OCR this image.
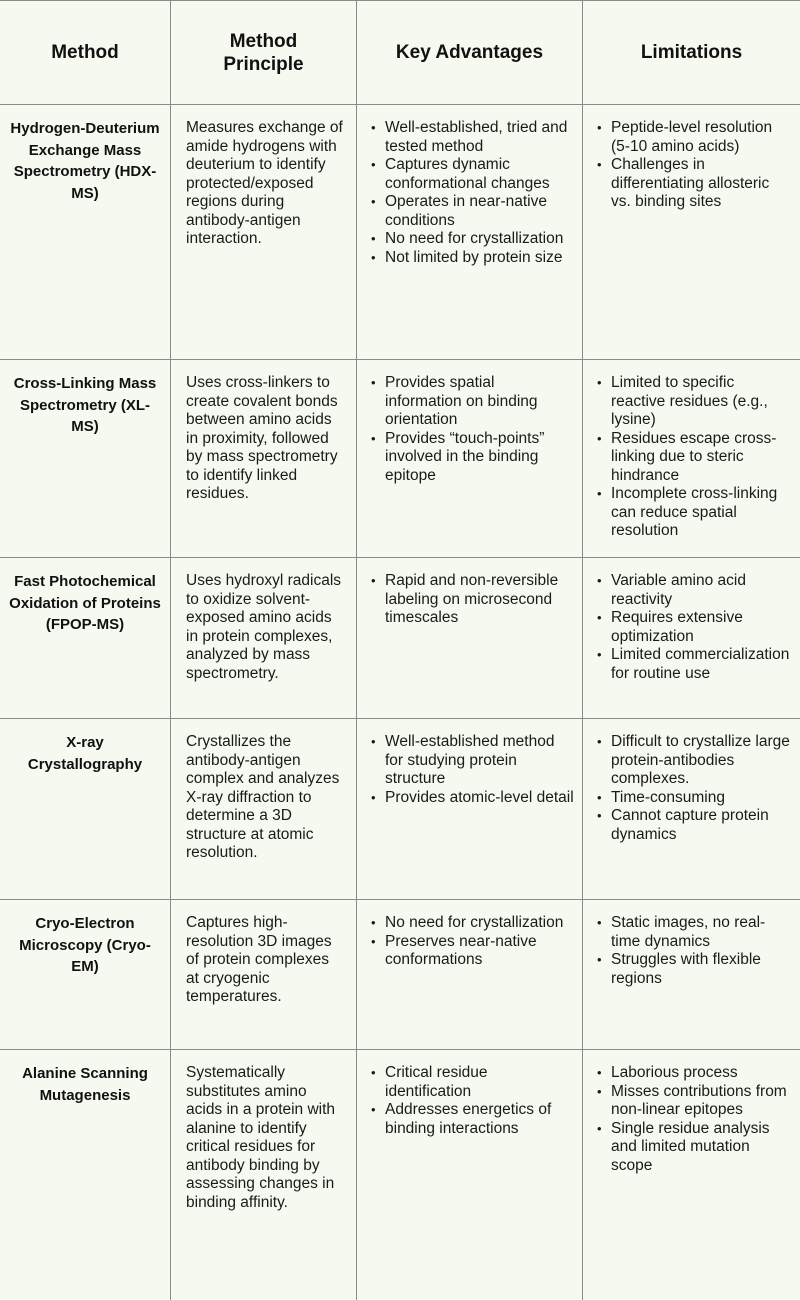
Method
Method Principle
Key Advantages	Limitations
Hydrogen-Deuterium Exchange Mass Spectrometry (HDX-MS)
Measures exchange of amide hydrogens with deuterium to identify protected/exposed regions during antibody-antigen interaction.
• Well-established, tried and tested method
• Captures dynamic conformational changes
• Operates in near-native conditions
• No need for crystallization
• Not limited by protein size
• Peptide-level resolution (5-10 amino acids)
• Challenges in differentiating allosteric vs. binding sites
Cross-Linking Mass Spectrometry (XL-MS)
Uses cross-linkers to create covalent bonds between amino acids in proximity, followed by mass spectrometry to identify linked residues.
• Provides spatial information on binding orientation
• Provides “touch-points” involved in the binding epitope
• Limited to specific reactive residues (e.g., lysine)
• Residues escape cross-linking due to steric hindrance
• Incomplete cross-linking can reduce spatial resolution
Fast Photochemical Oxidation of Proteins (FPOP-MS)
Uses hydroxyl radicals to oxidize solvent-exposed amino acids in protein complexes, analyzed by mass spectrometry.
• Rapid and non-reversible labeling on microsecond timescales
• Variable amino acid reactivity
• Requires extensive optimization
• Limited commercialization for routine use
X-ray Crystallography
Crystallizes the antibody-antigen complex and analyzes X-ray diffraction to determine a 3D structure at atomic resolution.
• Well-established method for studying protein structure
• Provides atomic-level detail
• Difficult to crystallize large protein-antibodies complexes.
• Time-consuming
• Cannot capture protein dynamics
Cryo-Electron Microscopy (Cryo-EM)
Captures high-resolution 3D images of protein complexes at cryogenic temperatures.
• No need for crystallization
• Preserves near-native conformations
• Static images, no real-time dynamics
• Struggles with flexible regions
Alanine Scanning Mutagenesis
Systematically substitutes amino acids in a protein with alanine to identify critical residues for antibody binding by assessing changes in binding affinity.
• Critical residue identification
• Addresses energetics of binding interactions
• Laborious process
• Misses contributions from non-linear epitopes
• Single residue analysis and limited mutation scope
